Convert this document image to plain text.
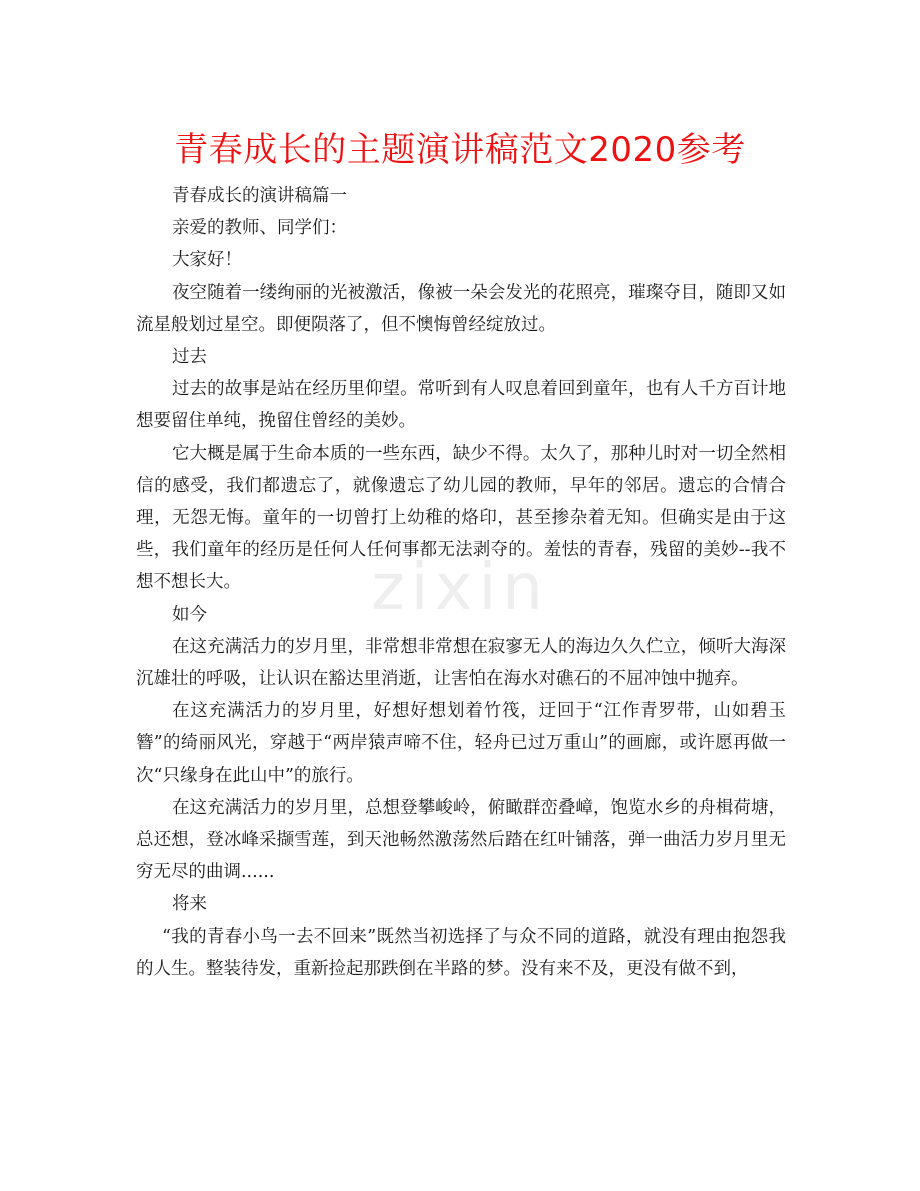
zixin
青春成长的主题演讲稿范文2020参考

青春成长的演讲稿篇一

亲爱的教师、同学们：

大家好！

夜空随着一缕绚丽的光被激活，像被一朵会发光的花照亮，璀璨夺目，随即又如流星般划过星空。即便陨落了，但不懊悔曾经绽放过。

过去

过去的故事是站在经历里仰望。常听到有人叹息着回到童年，也有人千方百计地想要留住单纯，挽留住曾经的美妙。

它大概是属于生命本质的一些东西，缺少不得。太久了，那种儿时对一切全然相信的感受，我们都遗忘了，就像遗忘了幼儿园的教师，早年的邻居。遗忘的合情合理，无怨无悔。童年的一切曾打上幼稚的烙印，甚至掺杂着无知。但确实是由于这些，我们童年的经历是任何人任何事都无法剥夺的。羞怯的青春，残留的美妙--我不想不想长大。

如今

在这充满活力的岁月里，非常想非常想在寂寥无人的海边久久伫立，倾听大海深沉雄壮的呼吸，让认识在豁达里消逝，让害怕在海水对礁石的不屈冲蚀中抛弃。

在这充满活力的岁月里，好想好想划着竹筏，迂回于“江作青罗带，山如碧玉簪”的绮丽风光，穿越于“两岸猿声啼不住，轻舟已过万重山”的画廊，或许愿再做一次“只缘身在此山中”的旅行。

在这充满活力的岁月里，总想登攀峻岭，俯瞰群峦叠嶂，饱览水乡的舟楫荷塘，总还想，登冰峰采撷雪莲，到天池畅然激荡然后踏在红叶铺落，弹一曲活力岁月里无穷无尽的曲调......

将来

“我的青春小鸟一去不回来”既然当初选择了与众不同的道路，就没有理由抱怨我的人生。整装待发，重新捡起那跌倒在半路的梦。没有来不及，更没有做不到，
